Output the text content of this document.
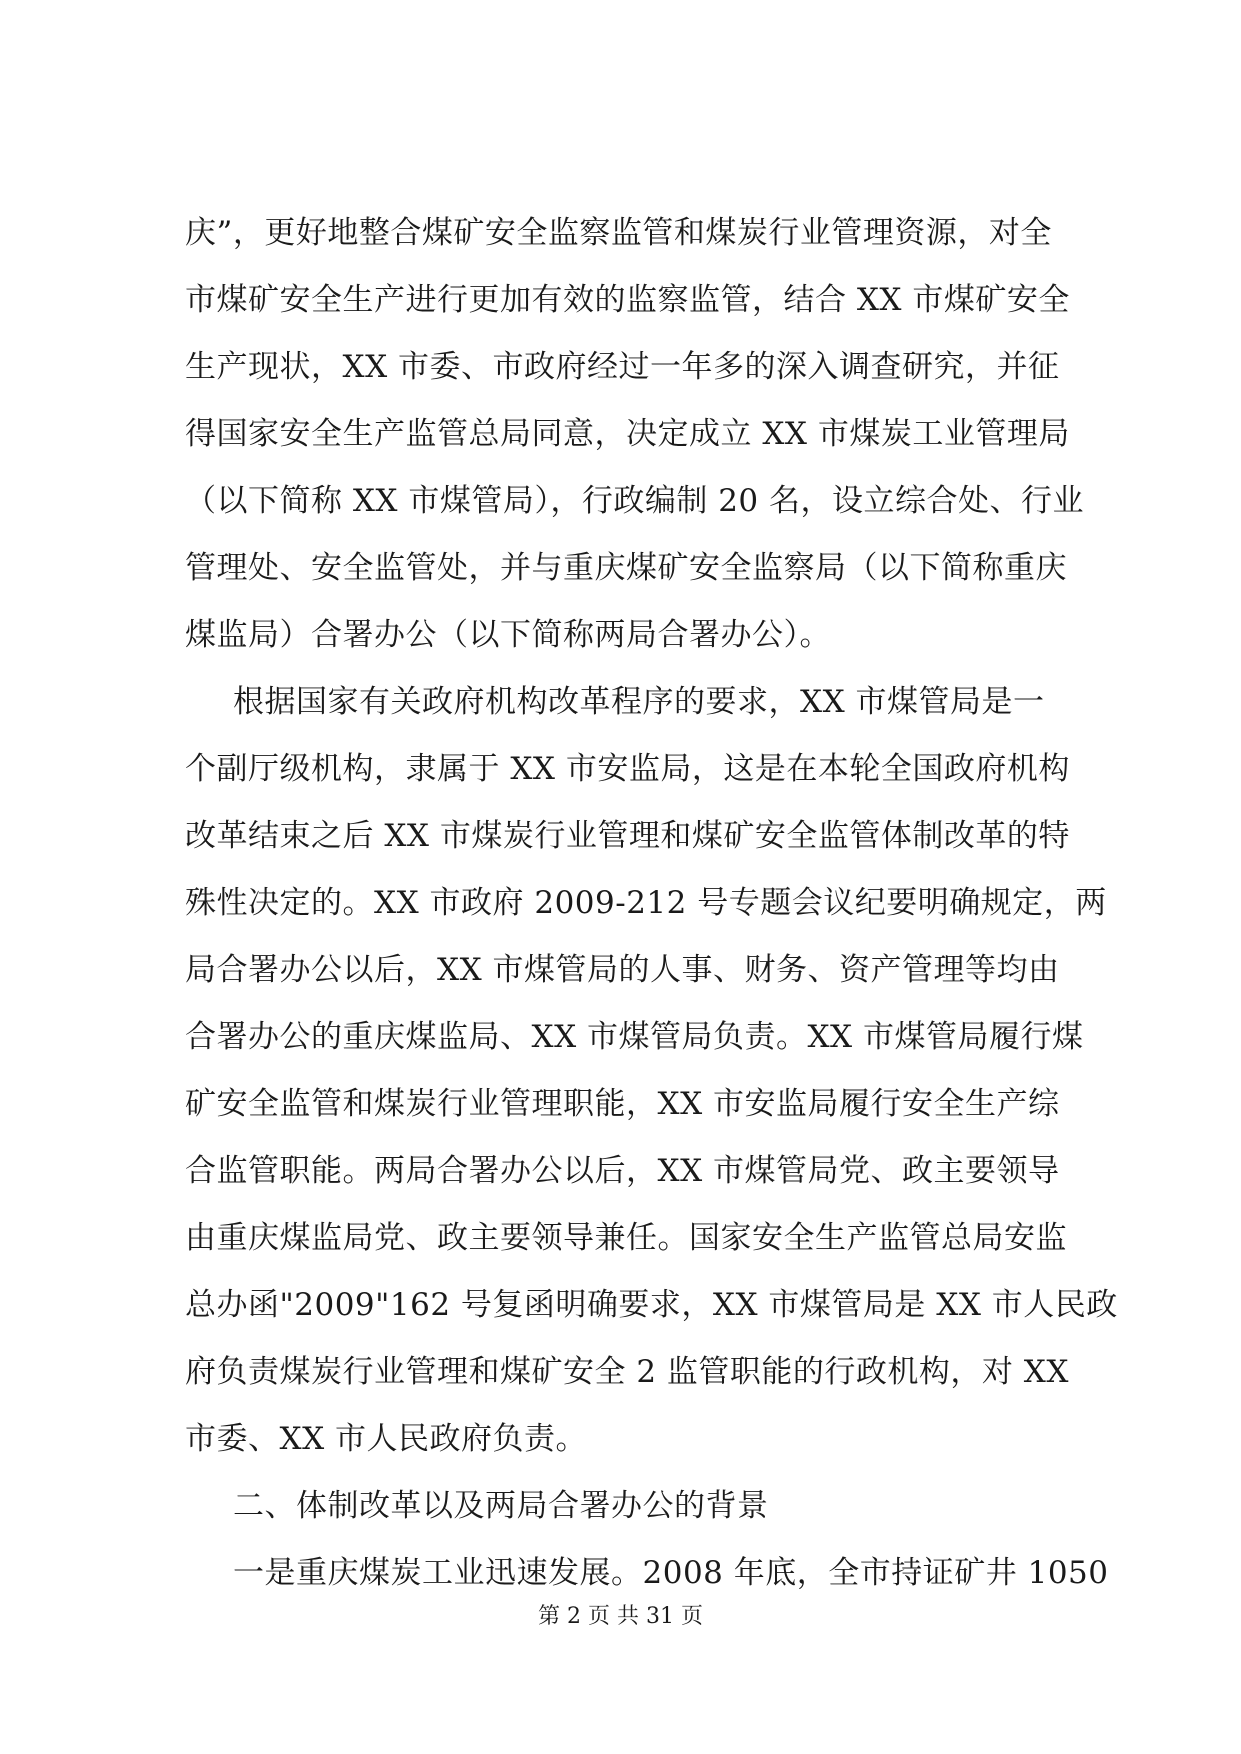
庆”，更好地整合煤矿安全监察监管和煤炭行业管理资源，对全
市煤矿安全生产进行更加有效的监察监管，结合 XX 市煤矿安全
生产现状，XX 市委、市政府经过一年多的深入调查研究，并征
得国家安全生产监管总局同意，决定成立 XX 市煤炭工业管理局
（以下简称 XX 市煤管局），行政编制 20 名，设立综合处、行业
管理处、安全监管处，并与重庆煤矿安全监察局（以下简称重庆
煤监局）合署办公（以下简称两局合署办公）。
根据国家有关政府机构改革程序的要求，XX 市煤管局是一
个副厅级机构，隶属于 XX 市安监局，这是在本轮全国政府机构
改革结束之后 XX 市煤炭行业管理和煤矿安全监管体制改革的特
殊性决定的。XX 市政府 2009-212 号专题会议纪要明确规定，两
局合署办公以后，XX 市煤管局的人事、财务、资产管理等均由
合署办公的重庆煤监局、XX 市煤管局负责。XX 市煤管局履行煤
矿安全监管和煤炭行业管理职能，XX 市安监局履行安全生产综
合监管职能。两局合署办公以后，XX 市煤管局党、政主要领导
由重庆煤监局党、政主要领导兼任。国家安全生产监管总局安监
总办函"2009"162 号复函明确要求，XX 市煤管局是 XX 市人民政
府负责煤炭行业管理和煤矿安全 2 监管职能的行政机构，对 XX
市委、XX 市人民政府负责。
二、体制改革以及两局合署办公的背景
一是重庆煤炭工业迅速发展。2008 年底，全市持证矿井 1050
第 2 页 共 31 页
